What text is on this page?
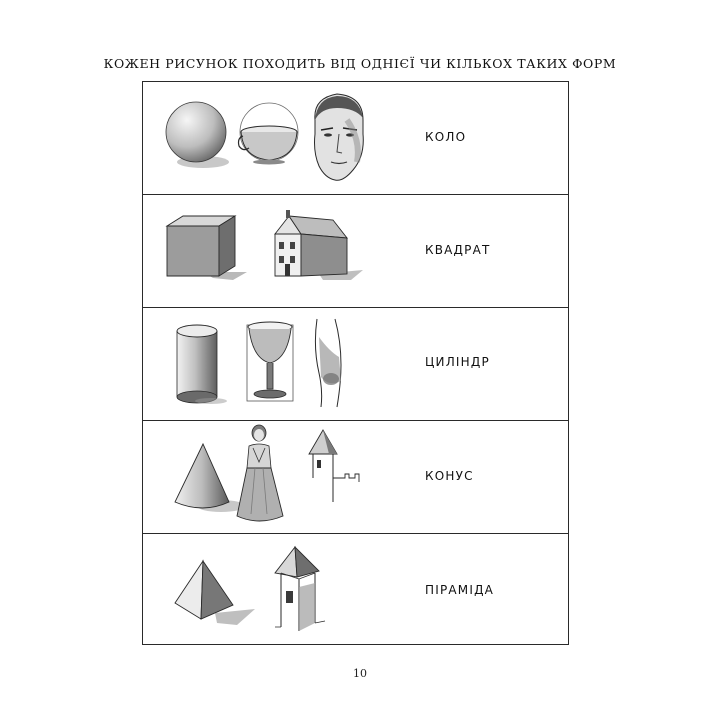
КОЖЕН РИСУНОК ПОХОДИТЬ ВІД ОДНІЄЇ ЧИ КІЛЬКОХ ТАКИХ ФОРМ
КОЛО
КВАДРАТ
ЦИЛІНДР
КОНУС
ПІРАМІДА
10
